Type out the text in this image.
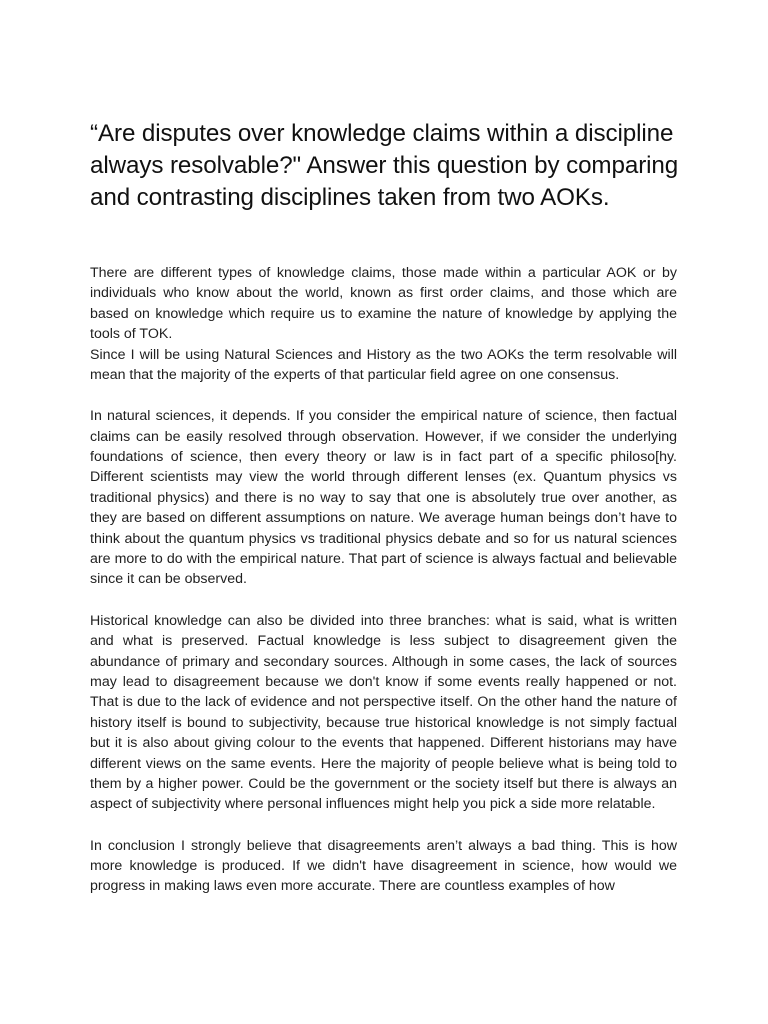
“Are disputes over knowledge claims within a discipline always resolvable?" Answer this question by comparing and contrasting disciplines taken from two AOKs.

There are different types of knowledge claims, those made within a particular AOK or by individuals who know about the world, known as first order claims, and those which are based on knowledge which require us to examine the nature of knowledge by applying the tools of TOK.

Since I will be using Natural Sciences and History as the two AOKs the term resolvable will mean that the majority of the experts of that particular field agree on one consensus.

In natural sciences, it depends. If you consider the empirical nature of science, then factual claims can be easily resolved through observation. However, if we consider the underlying foundations of science, then every theory or law is in fact part of a specific philoso[hy. Different scientists may view the world through different lenses (ex. Quantum physics vs traditional physics) and there is no way to say that one is absolutely true over another, as they are based on different assumptions on nature. We average human beings don’t have to think about the quantum physics vs traditional physics debate and so for us natural sciences are more to do with the empirical nature. That part of science is always factual and believable since it can be observed.

Historical knowledge can also be divided into three branches: what is said, what is written and what is preserved. Factual knowledge is less subject to disagreement given the abundance of primary and secondary sources. Although in some cases, the lack of sources may lead to disagreement because we don't know if some events really happened or not. That is due to the lack of evidence and not perspective itself. On the other hand the nature of history itself is bound to subjectivity, because true historical knowledge is not simply factual but it is also about giving colour to the events that happened. Different historians may have different views on the same events. Here the majority of people believe what is being told to them by a higher power. Could be the government or the society itself but there is always an aspect of subjectivity where personal influences might help you pick a side more relatable.

In conclusion I strongly believe that disagreements aren’t always a bad thing. This is how more knowledge is produced. If we didn't have disagreement in science, how would we progress in making laws even more accurate. There are countless examples of how
